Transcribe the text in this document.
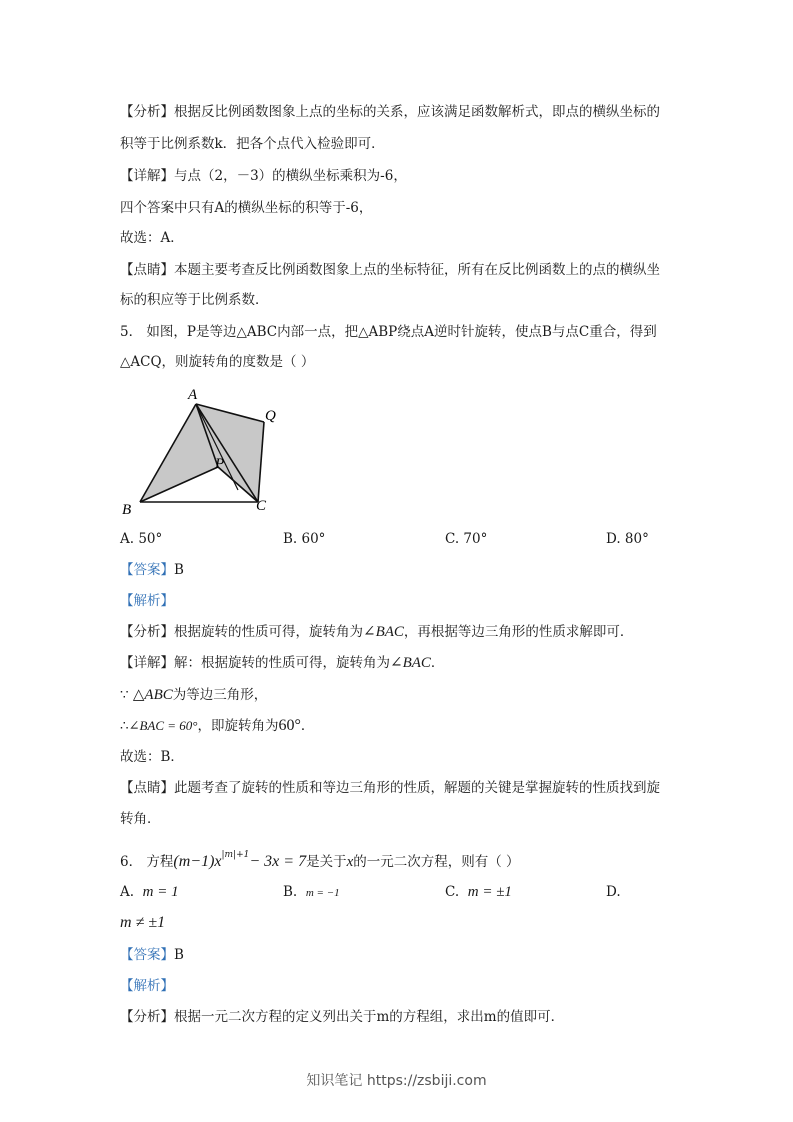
【分析】根据反比例函数图象上点的坐标的关系，应该满足函数解析式，即点的横纵坐标的
积等于比例系数k．把各个点代入检验即可．
【详解】与点（2，－3）的横纵坐标乘积为-6，
四个答案中只有A的横纵坐标的积等于-6，
故选：A．
【点睛】本题主要考查反比例函数图象上点的坐标特征，所有在反比例函数上的点的横纵坐
标的积应等于比例系数．
5． 如图，P是等边△ABC内部一点，把△ABP绕点A逆时针旋转，使点B与点C重合，得到
△ACQ，则旋转角的度数是（ ）
A
Q
P
B	C
A. 50°	B. 60°	C. 70°	D. 80°
【答案】B
【解析】
【分析】根据旋转的性质可得，旋转角为∠BAC，再根据等边三角形的性质求解即可．
【详解】解：根据旋转的性质可得，旋转角为∠BAC．
∵ △ABC为等边三角形，
∴∠BAC = 60°，即旋转角为60°．
故选：B．
【点睛】此题考查了旋转的性质和等边三角形的性质，解题的关键是掌握旋转的性质找到旋
转角．
6． 方程$(m-1)x^{|m|+1}- 3x = 7$是关于x的一元二次方程，则有（ ）
A. m = 1	B. m = −1	C. m = ±1	D.
m ≠ ±1
【答案】B
【解析】
【分析】根据一元二次方程的定义列出关于m的方程组，求出m的值即可．
知识笔记 https://zsbiji.com
